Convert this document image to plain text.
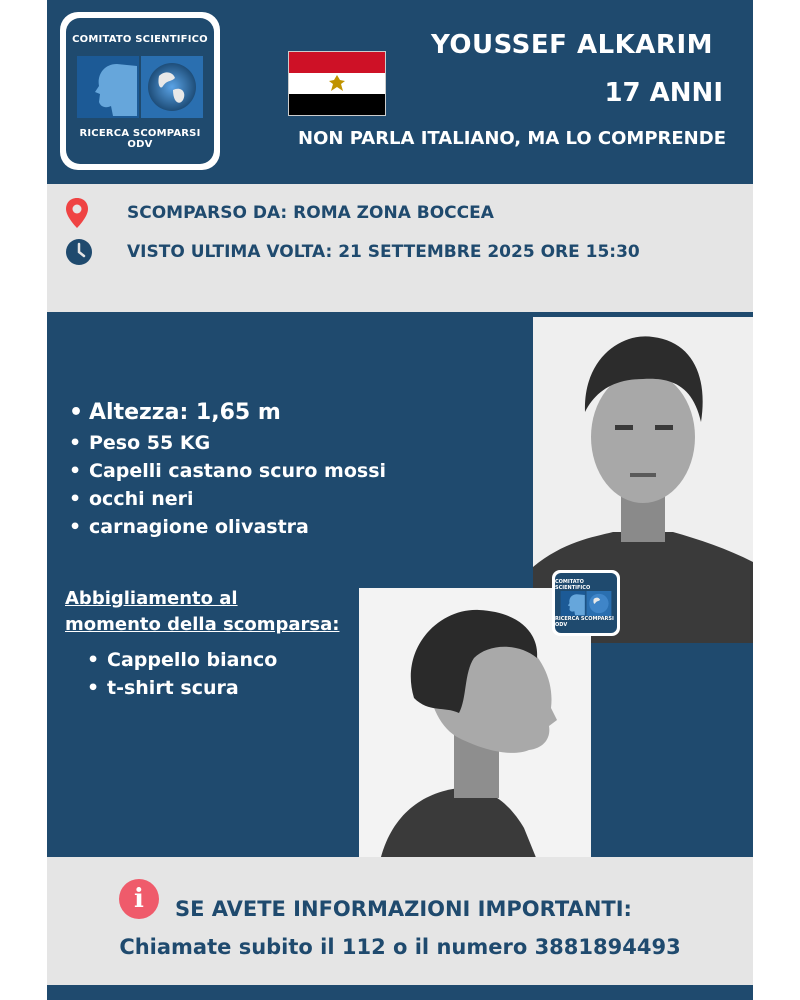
COMITATO SCIENTIFICO
RICERCA SCOMPARSI ODV
YOUSSEF ALKARIM
17 ANNI
NON PARLA ITALIANO, MA LO COMPRENDE
SCOMPARSO DA: ROMA ZONA BOCCEA
VISTO ULTIMA VOLTA: 21 SETTEMBRE 2025 ORE 15:30
• Altezza: 1,65 m
• Peso 55 KG
• Capelli castano scuro mossi
• occhi neri
• carnagione olivastra
Abbigliamento al
momento della scomparsa:
• Cappello bianco
• t-shirt scura
COMITATO SCIENTIFICO
RICERCA SCOMPARSI ODV
i	SE AVETE INFORMAZIONI IMPORTANTI:
Chiamate subito il 112 o il numero 3881894493
